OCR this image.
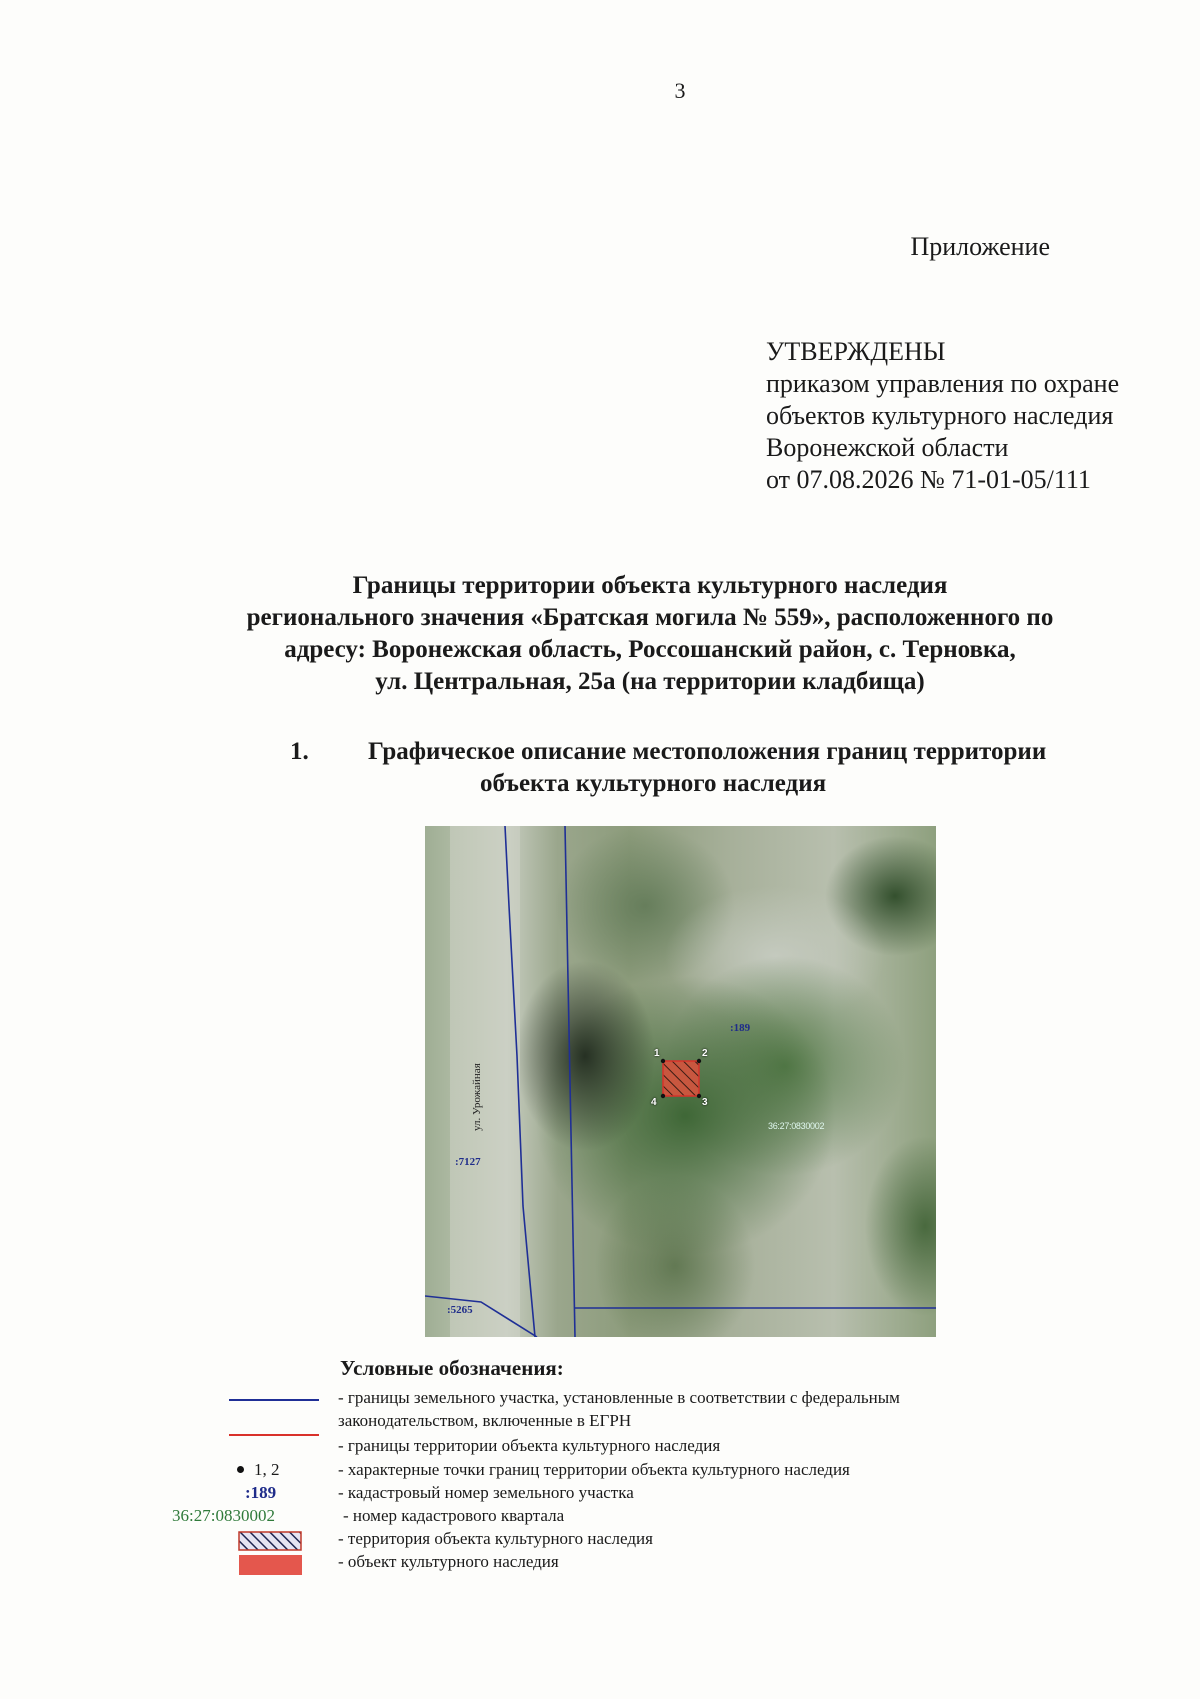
3
Приложение
УТВЕРЖДЕНЫ
приказом управления по охране
объектов культурного наследия
Воронежской области
от 07.08.2026 № 71-01-05/111
Границы территории объекта культурного наследия
регионального значения «Братская могила № 559», расположенного по
адресу: Воронежская область, Россошанский район, с. Терновка,
ул. Центральная, 25а (на территории кладбища)
1. Графическое описание местоположения границ территории
объекта культурного наследия
ул. Урожайная
:189
:7127
:5265
36:27:0830002
1	2
3
4
Условные обозначения:
- границы земельного участка, установленные в соответствии с федеральным
законодательством, включенные в ЕГРН
- границы территории объекта культурного наследия
1, 2	- характерные точки границ территории объекта культурного наследия
:189	- кадастровый номер земельного участка
36:27:0830002	- номер кадастрового квартала
- территория объекта культурного наследия
- объект культурного наследия
